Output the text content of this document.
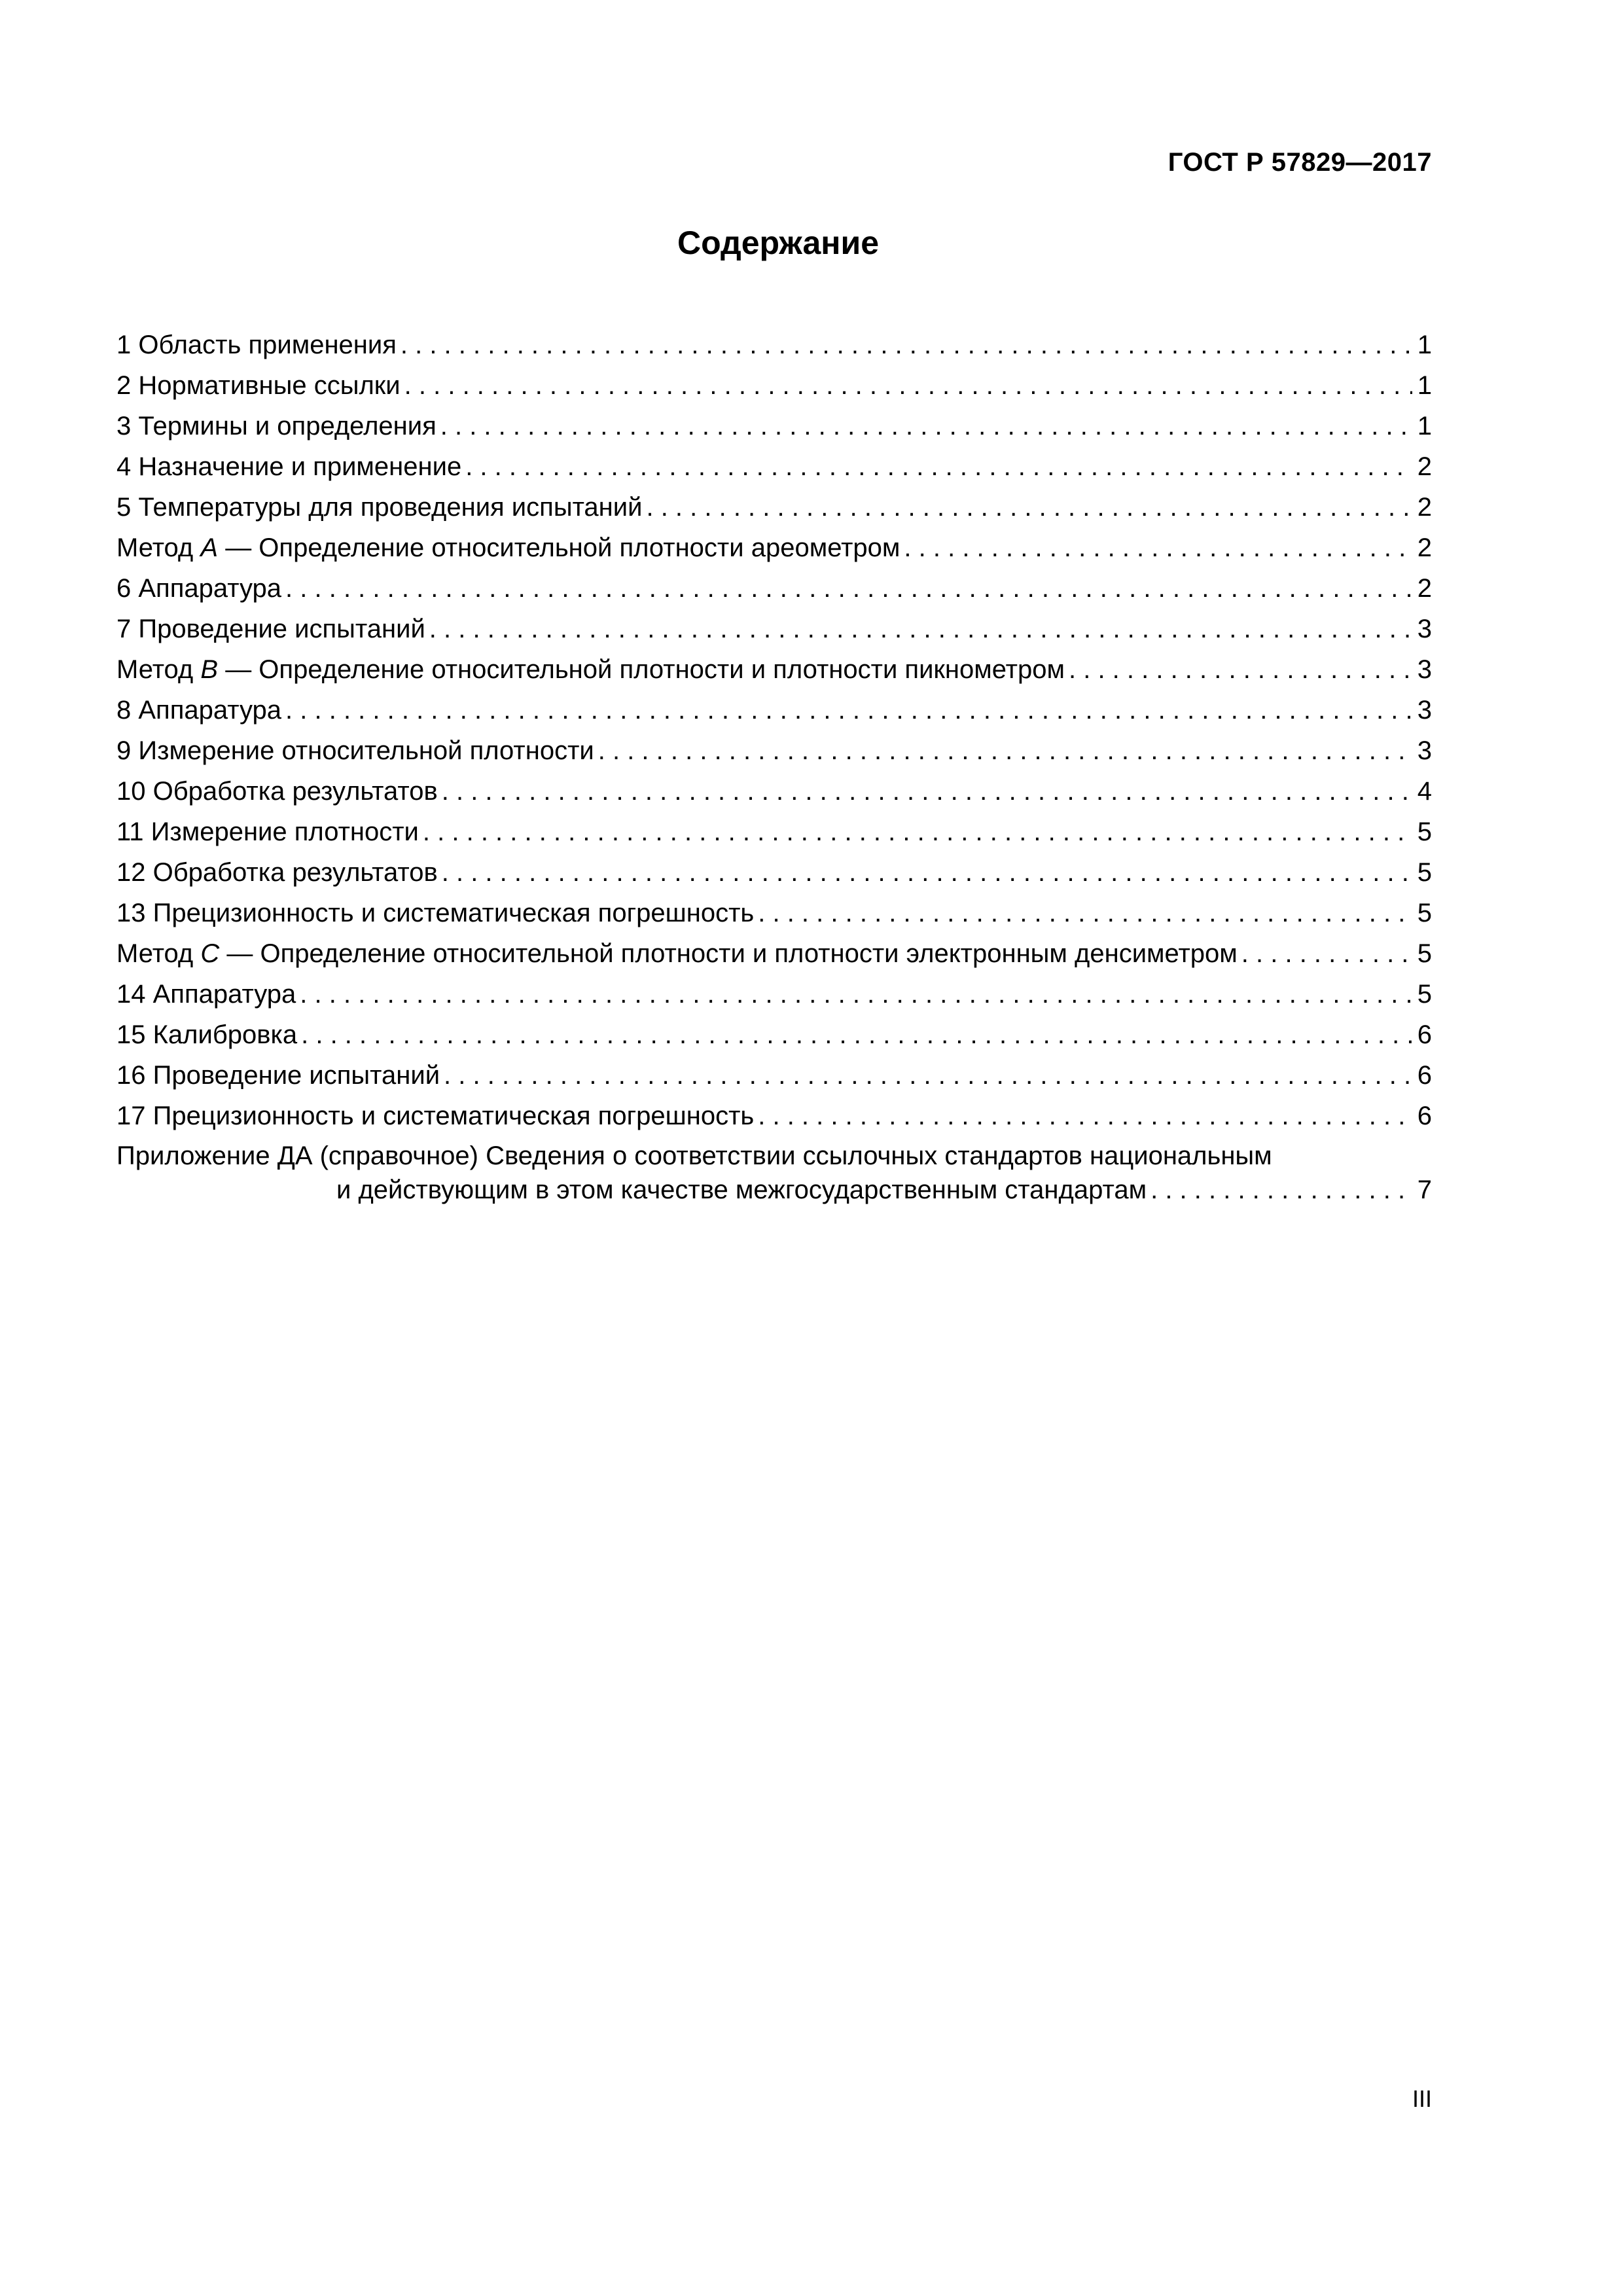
ГОСТ Р 57829—2017
Содержание
1 Область применения . . .	1
2 Нормативные ссылки . . .	1
3 Термины и определения . . .	1
4 Назначение и применение . . .	2
5 Температуры для проведения испытаний . . .	2
Метод А — Определение относительной плотности ареометром . . .	2
6 Аппаратура . . .	2
7 Проведение испытаний . . .	3
Метод В — Определение относительной плотности и плотности пикнометром . . .	3
8 Аппаратура . . .	3
9 Измерение относительной плотности . . .	3
10 Обработка результатов . . .	4
11 Измерение плотности . . .	5
12 Обработка результатов . . .	5
13 Прецизионность и систематическая погрешность . . .	5
Метод С — Определение относительной плотности и плотности электронным денсиметром . . .	5
14 Аппаратура . . .	5
15 Калибровка . . .	6
16 Проведение испытаний . . .	6
17 Прецизионность и систематическая погрешность . . .	6
Приложение ДА (справочное) Сведения о соответствии ссылочных стандартов национальным
и действующим в этом качестве межгосударственным стандартам . . .	7
III
